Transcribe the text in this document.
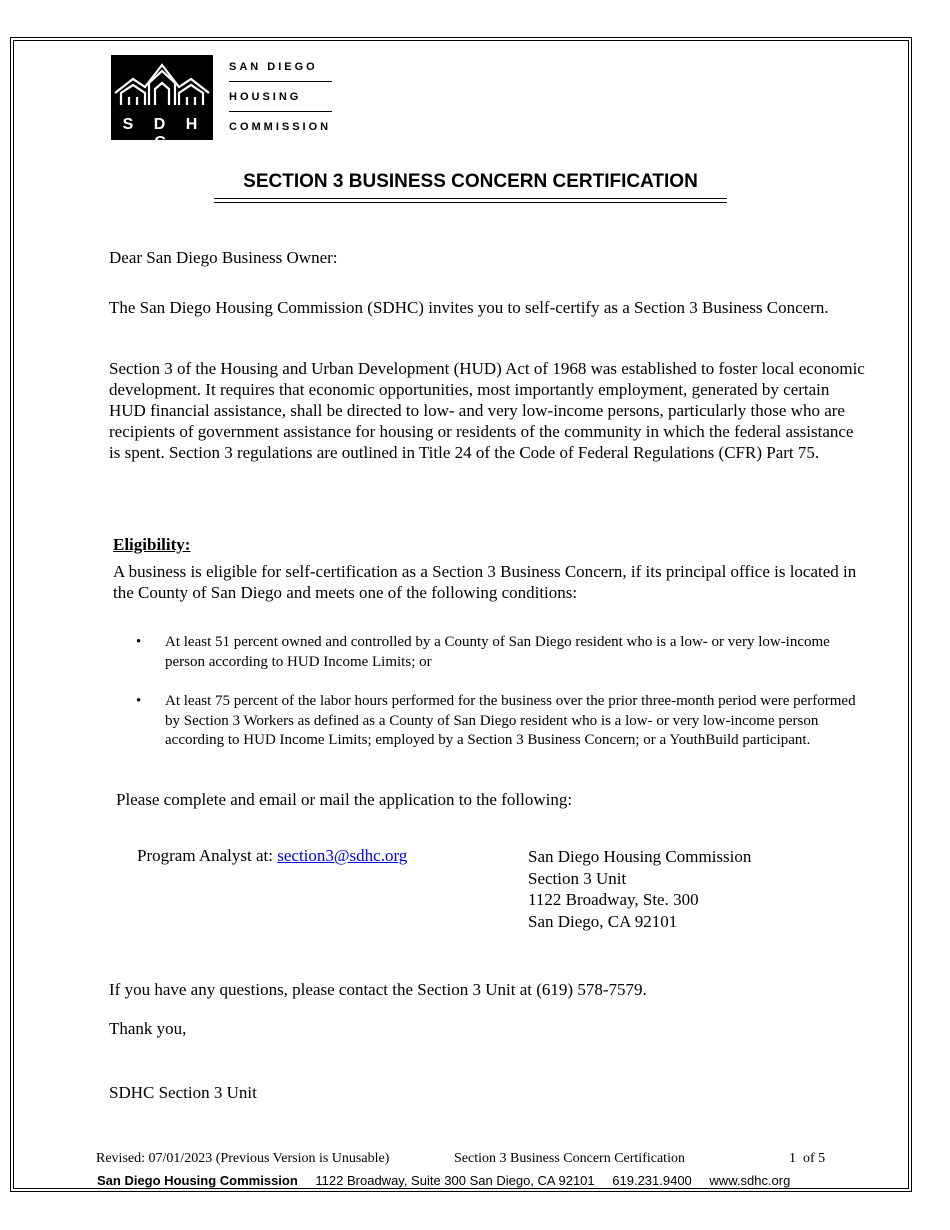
S D H C
SAN DIEGO
HOUSING
COMMISSION
SECTION 3 BUSINESS CONCERN CERTIFICATION
Dear San Diego Business Owner:
The San Diego Housing Commission (SDHC) invites you to self-certify as a Section 3 Business Concern.
Section 3 of the Housing and Urban Development (HUD) Act of 1968 was established to foster local economic development. It requires that economic opportunities, most importantly employment, generated by certain HUD financial assistance, shall be directed to low- and very low-income persons, particularly those who are recipients of government assistance for housing or residents of the community in which the federal assistance is spent. Section 3 regulations are outlined in Title 24 of the Code of Federal Regulations (CFR) Part 75.
Eligibility:
A business is eligible for self-certification as a Section 3 Business Concern, if its principal office is located in the County of San Diego and meets one of the following conditions:
• At least 51 percent owned and controlled by a County of San Diego resident who is a low- or very low-income person according to HUD Income Limits; or
• At least 75 percent of the labor hours performed for the business over the prior three-month period were performed by Section 3 Workers as defined as a County of San Diego resident who is a low- or very low-income person according to HUD Income Limits; employed by a Section 3 Business Concern; or a YouthBuild participant.
Please complete and email or mail the application to the following:
Program Analyst at: section3@sdhc.org	San Diego Housing Commission
Section 3 Unit
1122 Broadway, Ste. 300
San Diego, CA 92101
If you have any questions, please contact the Section 3 Unit at (619) 578-7579.
Thank you,
SDHC Section 3 Unit
Revised: 07/01/2023 (Previous Version is Unusable)	Section 3 Business Concern Certification	1  of 5
San Diego Housing Commission 1122 Broadway, Suite 300 San Diego, CA 92101 619.231.9400 www.sdhc.org
